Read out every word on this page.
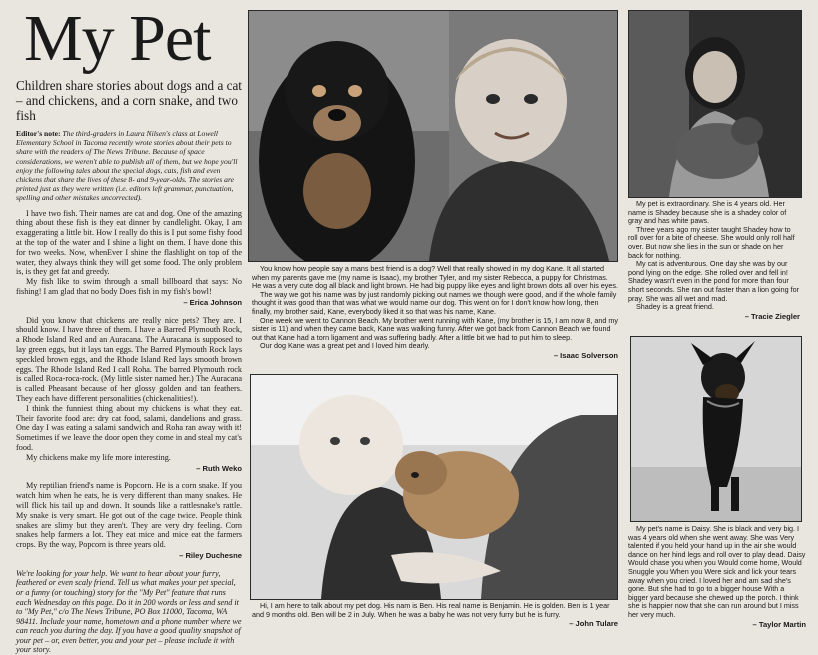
My Pet
Children share stories about dogs and a cat – and chickens, and a corn snake, and two fish
Editor's note: The third-graders in Laura Nilsen's class at Lowell Elementary School in Tacoma recently wrote stories about their pets to share with the readers of The News Tribune. Because of space considerations, we weren't able to publish all of them, but we hope you'll enjoy the following tales about the special dogs, cats, fish and even chickens that share the lives of these 8- and 9-year-olds. The stories are printed just as they were written (i.e. editors left grammar, punctuation, spelling and other mistakes uncorrected).

I have two fish. Their names are cat and dog. One of the amazing thing about these fish is they eat dinner by candlelight. Okay, I am exaggerating a little bit. How I really do this is I put some fishy food at the top of the water and I shine a light on them. I have done this for two weeks. Now, whenEver I shine the flashlight on top of the water, they always think they will get some food. The only problem is, is they get fat and greedy.

My fish like to swim through a small billboard that says: No fishing! I am glad that no body Does fish in my fish's bowl!

– Erica Johnson

Did you know that chickens are really nice pets? They are. I should know. I have three of them. I have a Barred Plymouth Rock, a Rhode Island Red and an Auracana. The Auracana is supposed to lay green eggs, but it lays tan eggs. The Barred Plymouth Rock lays speckled brown eggs, and the Rhode Island Red lays smooth brown eggs. The Rhode Island Red I call Roha. The barred Plymouth rock is called Roca-roca-rock. (My little sister named her.) The Auracana is called Pheasant because of her glossy golden and tan feathers. They each have different personalities (chickenalities!).

I think the funniest thing about my chickens is what they eat. Their favorite food are: dry cat food, salami, dandelions and grass. One day I was eating a salami sandwich and Roha ran away with it! Sometimes if we leave the door open they come in and steal my cat's food.

My chickens make my life more interesting.

– Ruth Weko

My reptilian friend's name is Popcorn. He is a corn snake. If you watch him when he eats, he is very different than many snakes. He will flick his tail up and down. It sounds like a rattlesnake's rattle. My snake is very smart. He got out of the cage twice. People think snakes are slimy but they aren't. They are very dry feeling. Corn snakes help farmers a lot. They eat mice and mice eat the farmers crops. By the way, Popcorn is three years old.

– Riley Duchesne
We're looking for your help. We want to hear about your furry, feathered or even scaly friend. Tell us what makes your pet special, or a funny (or touching) story for the "My Pet" feature that runs each Wednesday on this page. Do it in 200 words or less and send it to "My Pet," c/o The News Tribune, PO Box 11000, Tacoma, WA 98411. Include your name, hometown and a phone number where we can reach you during the day. If you have a good quality snapshot of your pet – or, even better, you and your pet – please include it with your story.

You know how people say a mans best friend is a dog? Well that really showed in my dog Kane. It all started when my parents gave me (my name is Isaac), my brother Tyler, and my sister Rebecca, a puppy for Christmas. He was a very cute dog all black and light brown. He had big puppy like eyes and light brown dots all over his eyes.

The way we got his name was by just randomly picking out names we though were good, and if the whole family thought it was good than that was what we would name our dog. This went on for I don't know how long, then finally, my brother said, Kane, everybody liked it so that was his name, Kane.

One week we went to Cannon Beach. My brother went running with Kane, (my brother is 15, I am now 8, and my sister is 11) and when they came back, Kane was walking funny. After we got back from Cannon Beach we found out that Kane had a torn ligament and was suffering badly. After a little bit we had to put him to sleep.

Our dog Kane was a great pet and I loved him dearly.

– Isaac Solverson

My pet is extraordinary. She is 4 years old. Her name is Shadey because she is a shadey color of gray and has white paws.

Three years ago my sister taught Shadey how to roll over for a bite of cheese. She would only roll half over. But now she lies in the sun or shade on her back for nothing.

My cat is adventurous. One day she was by our pond lying on the edge. She rolled over and fell in! Shadey wasn't even in the pond for more than four short seconds. She ran out faster than a lion going for pray. She was all wet and mad.

Shadey is a great friend.

– Tracie Ziegler

Hi, I am here to talk about my pet dog. His nam is Ben. His real name is Benjamin. He is golden. Ben is 1 year and 9 months old. Ben will be 2 in July. When he was a baby he was not very furry but he is furry.

– John Tulare

My pet's name is Daisy. She is black and very big. I was 4 years old when she went away. She was Very talented if you held your hand up in the air she would dance on her hind legs and roll over to play dead. Daisy Would chase you when you Would come home, Would Snuggle you When you Were sick and lick your tears away when you cried. I loved her and am sad she's gone. But she had to go to a bigger house With a bigger yard because she chewed up the porch. I think she is happier now that she can run around but I miss her very much.

– Taylor Martin
